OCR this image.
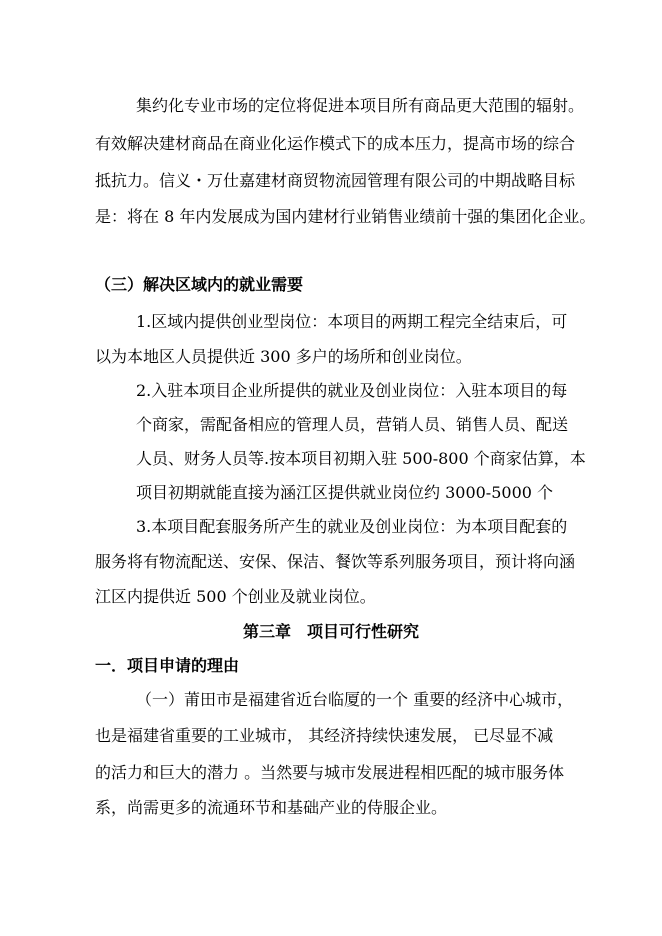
集约化专业市场的定位将促进本项目所有商品更大范围的辐射。
有效解决建材商品在商业化运作模式下的成本压力，提高市场的综合
抵抗力。信义・万仕嘉建材商贸物流园管理有限公司的中期战略目标
是：将在 8 年内发展成为国内建材行业销售业绩前十强的集团化企业。
（三）解决区域内的就业需要
1.区域内提供创业型岗位：本项目的两期工程完全结束后，可
以为本地区人员提供近 300 多户的场所和创业岗位。
2.入驻本项目企业所提供的就业及创业岗位：入驻本项目的每
个商家，需配备相应的管理人员，营销人员、销售人员、配送
人员、财务人员等.按本项目初期入驻 500-800 个商家估算，本
项目初期就能直接为涵江区提供就业岗位约 3000-5000 个
3.本项目配套服务所产生的就业及创业岗位：为本项目配套的
服务将有物流配送、安保、保洁、餐饮等系列服务项目，预计将向涵
江区内提供近 500 个创业及就业岗位。
第三章　项目可行性研究
一．项目申请的理由
（一）莆田市是福建省近台临厦的一个 重要的经济中心城市，
也是福建省重要的工业城市， 其经济持续快速发展， 已尽显不减
的活力和巨大的潜力 。当然要与城市发展进程相匹配的城市服务体
系，尚需更多的流通环节和基础产业的侍服企业。
